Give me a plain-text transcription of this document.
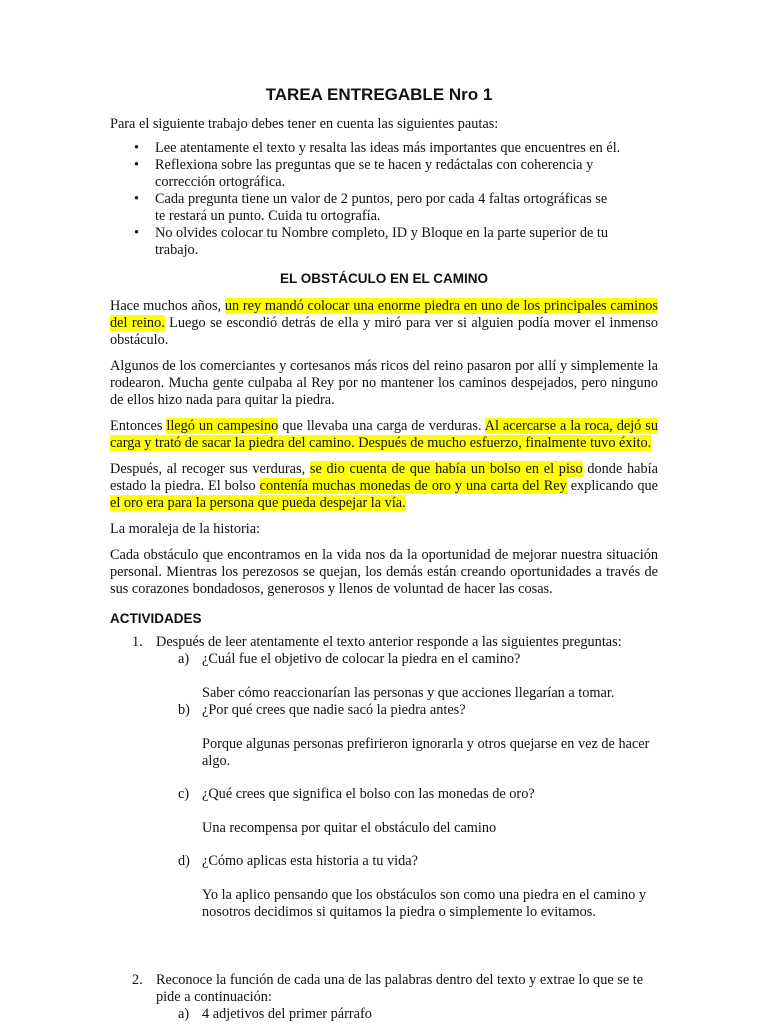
TAREA ENTREGABLE Nro 1

Para el siguiente trabajo debes tener en cuenta las siguientes pautas:

• Lee atentamente el texto y resalta las ideas más importantes que encuentres en él.
• Reflexiona sobre las preguntas que se te hacen y redáctalas con coherencia y corrección ortográfica.
• Cada pregunta tiene un valor de 2 puntos, pero por cada 4 faltas ortográficas se te restará un punto. Cuida tu ortografía.
• No olvides colocar tu Nombre completo, ID y Bloque en la parte superior de tu trabajo.
EL OBSTÁCULO EN EL CAMINO

Hace muchos años, un rey mandó colocar una enorme piedra en uno de los principales caminos del reino. Luego se escondió detrás de ella y miró para ver si alguien podía mover el inmenso obstáculo.

Algunos de los comerciantes y cortesanos más ricos del reino pasaron por allí y simplemente la rodearon. Mucha gente culpaba al Rey por no mantener los caminos despejados, pero ninguno de ellos hizo nada para quitar la piedra.

Entonces llegó un campesino que llevaba una carga de verduras. Al acercarse a la roca, dejó su carga y trató de sacar la piedra del camino. Después de mucho esfuerzo, finalmente tuvo éxito.

Después, al recoger sus verduras, se dio cuenta de que había un bolso en el piso donde había estado la piedra. El bolso contenía muchas monedas de oro y una carta del Rey explicando que el oro era para la persona que pueda despejar la vía.

La moraleja de la historia:

Cada obstáculo que encontramos en la vida nos da la oportunidad de mejorar nuestra situación personal. Mientras los perezosos se quejan, los demás están creando oportunidades a través de sus corazones bondadosos, generosos y llenos de voluntad de hacer las cosas.

ACTIVIDADES
1. Después de leer atentamente el texto anterior responde a las siguientes preguntas:
a) ¿Cuál fue el objetivo de colocar la piedra en el camino?

Saber cómo reaccionarían las personas y que acciones llegarían a tomar.

b) ¿Por qué crees que nadie sacó la piedra antes?

Porque algunas personas prefirieron ignorarla y otros quejarse en vez de hacer algo.

c) ¿Qué crees que significa el bolso con las monedas de oro?

Una recompensa por quitar el obstáculo del camino

d) ¿Cómo aplicas esta historia a tu vida?

Yo la aplico pensando que los obstáculos son como una piedra en el camino y nosotros decidimos si quitamos la piedra o simplemente lo evitamos.

2. Reconoce la función de cada una de las palabras dentro del texto y extrae lo que se te pide a continuación:
a) 4 adjetivos del primer párrafo
